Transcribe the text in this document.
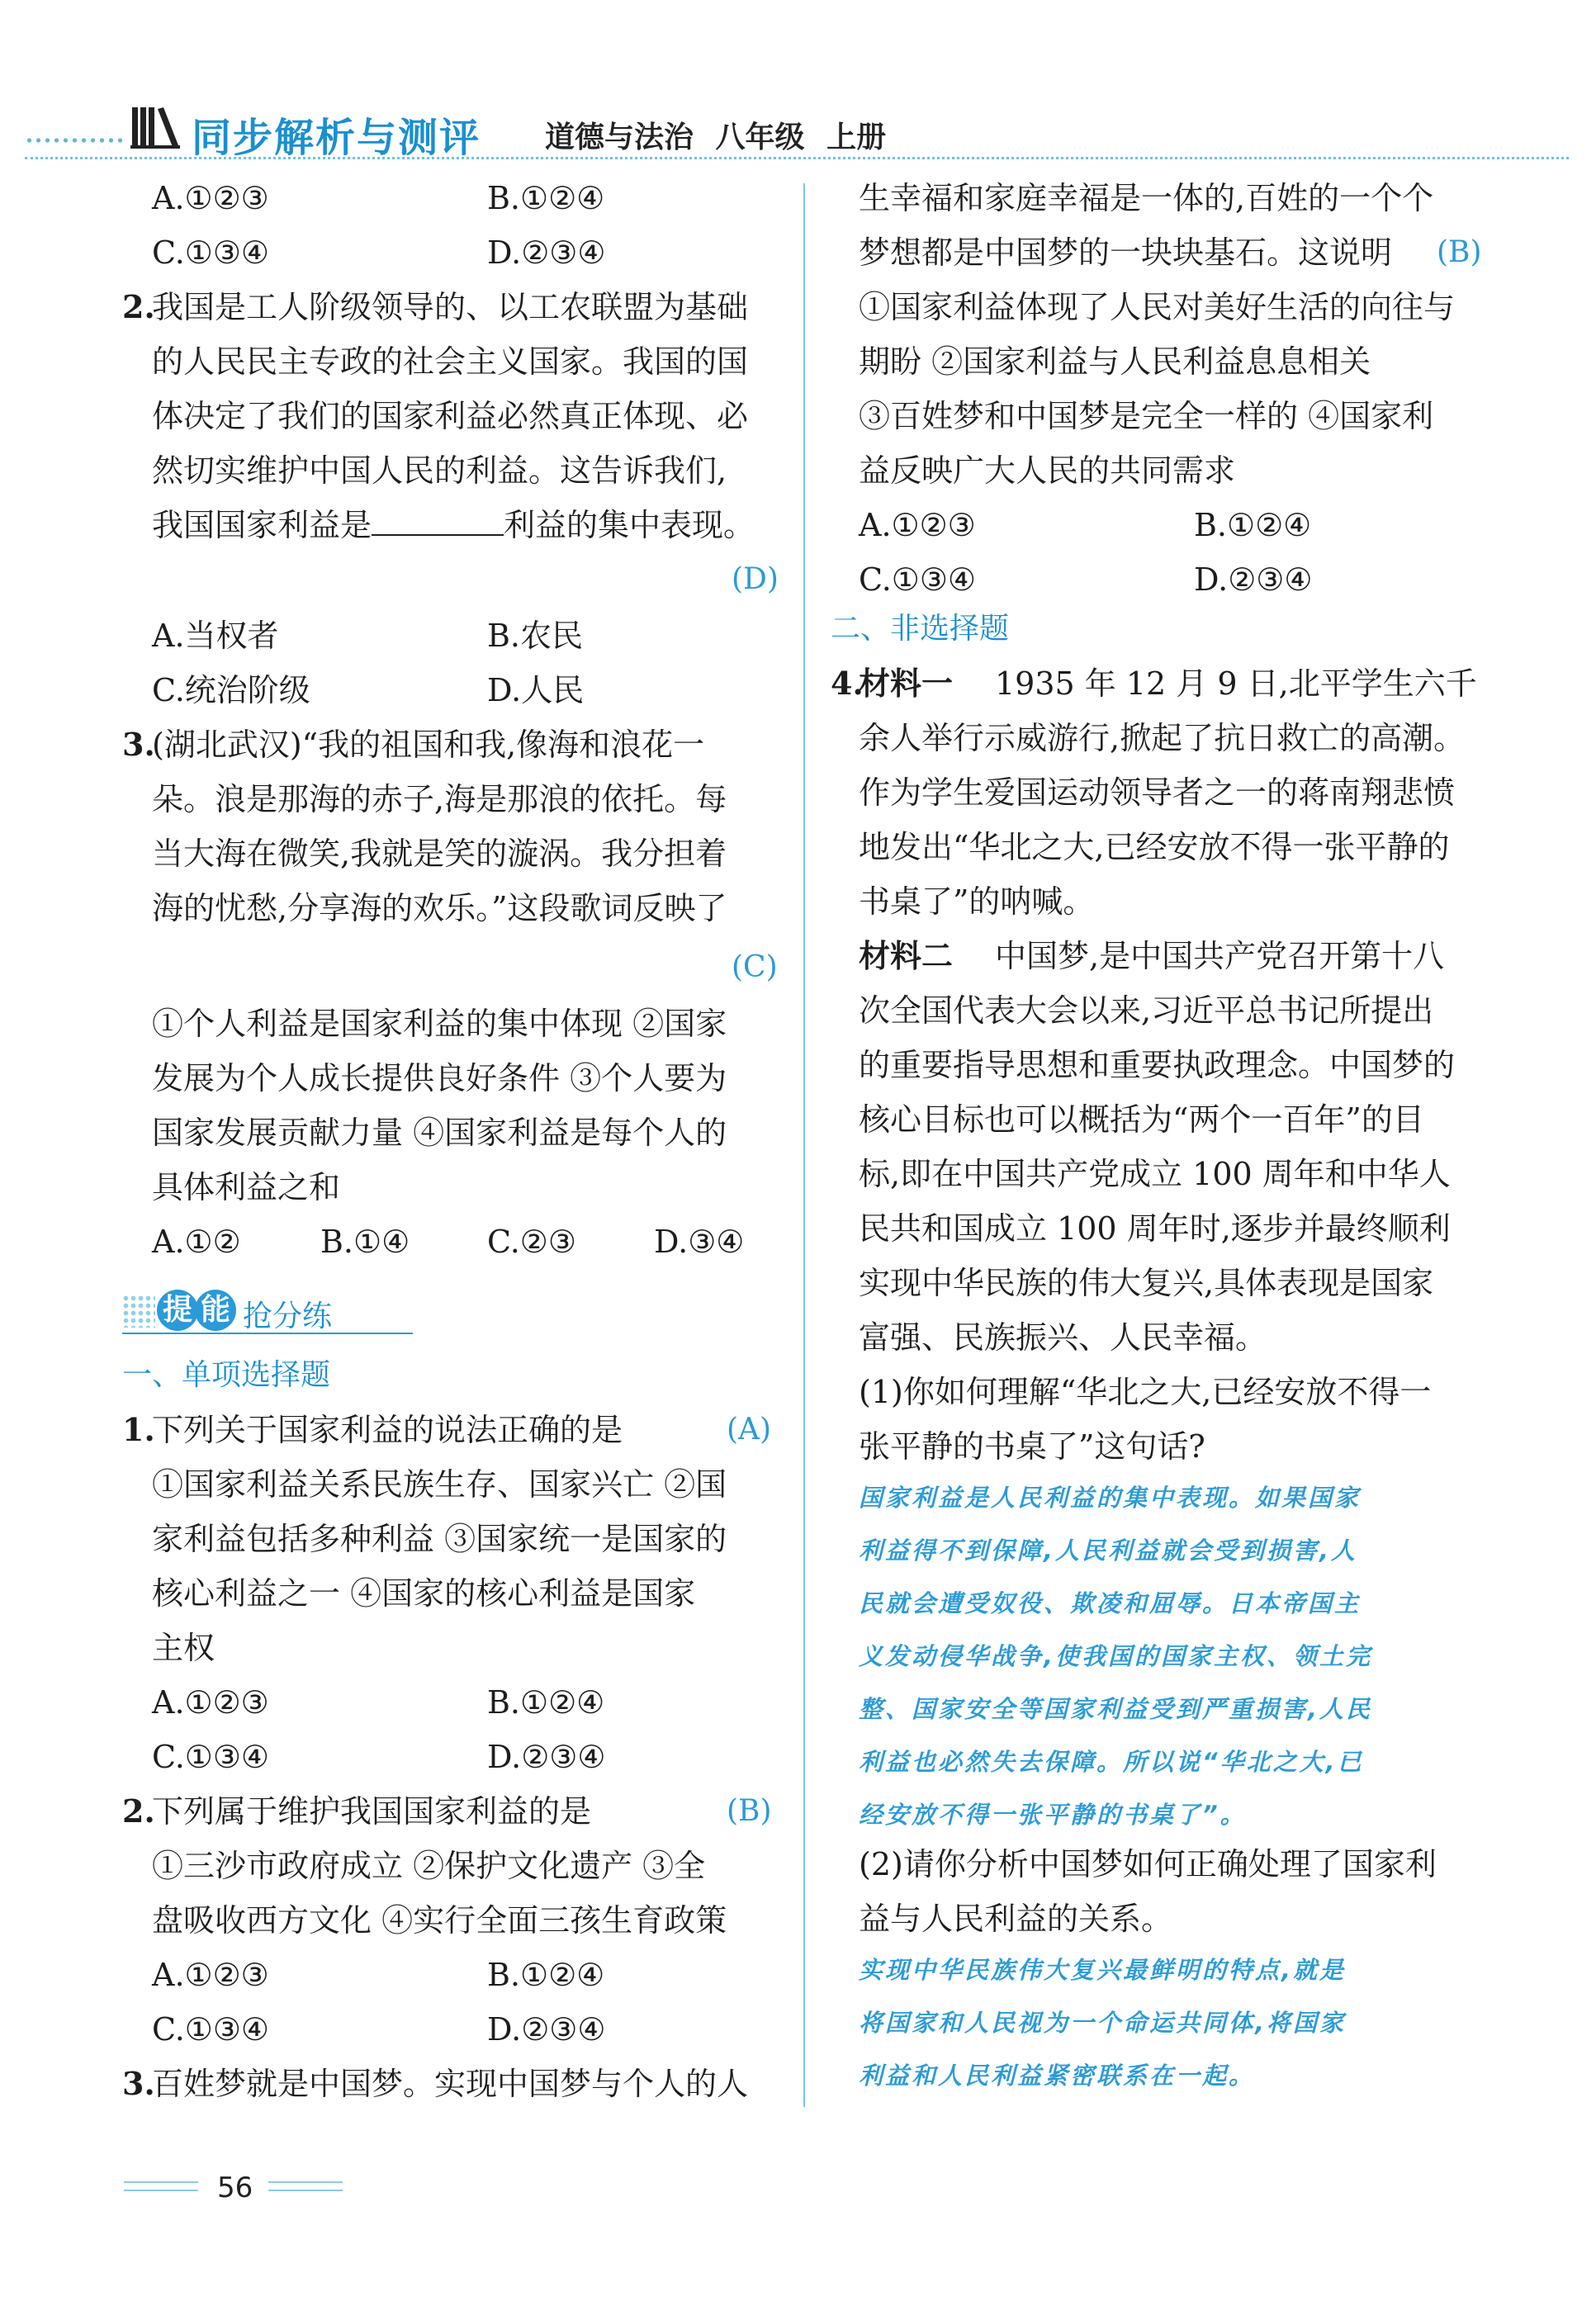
同步解析与测评 道德与法治 八年级 上册
A.①②③	B.①②④
C.①③④	D.②③④
2.
我国是工人阶级领导的、以工农联盟为基础
的人民民主专政的社会主义国家。我国的国
体决定了我们的国家利益必然真正体现、必
然切实维护中国人民的利益。这告诉我们,
我国国家利益是	利益的集中表现。
(D)
A.当权者	B.农民
C.统治阶级	D.人民
3.
(湖北武汉)“我的祖国和我,像海和浪花一
朵。浪是那海的赤子,海是那浪的依托。每
当大海在微笑,我就是笑的漩涡。我分担着
海的忧愁,分享海的欢乐。”这段歌词反映了
(C)
①个人利益是国家利益的集中体现 ②国家
发展为个人成长提供良好条件 ③个人要为
国家发展贡献力量 ④国家利益是每个人的
具体利益之和
A.①②	B.①④ C.②③ D.③④
提 能 抢分练
一、单项选择题
1.
下列关于国家利益的说法正确的是	(A)
①国家利益关系民族生存、国家兴亡 ②国
家利益包括多种利益 ③国家统一是国家的
核心利益之一 ④国家的核心利益是国家
主权
A.①②③	B.①②④
C.①③④	D.②③④
2.
下列属于维护我国国家利益的是	(B)
①三沙市政府成立 ②保护文化遗产 ③全
盘吸收西方文化 ④实行全面三孩生育政策
A.①②③	B.①②④
C.①③④	D.②③④
3.
百姓梦就是中国梦。实现中国梦与个人的人
生幸福和家庭幸福是一体的,百姓的一个个
梦想都是中国梦的一块块基石。这说明 (B)
①国家利益体现了人民对美好生活的向往与
期盼 ②国家利益与人民利益息息相关
③百姓梦和中国梦是完全一样的 ④国家利
益反映广大人民的共同需求
A.①②③	B.①②④
C.①③④	D.②③④
二、非选择题
4.
材料一 1935 年 12 月 9 日,北平学生六千
余人举行示威游行,掀起了抗日救亡的高潮。
作为学生爱国运动领导者之一的蒋南翔悲愤
地发出“华北之大,已经安放不得一张平静的
书桌了”的呐喊。
材料二 中国梦,是中国共产党召开第十八
次全国代表大会以来,习近平总书记所提出
的重要指导思想和重要执政理念。中国梦的
核心目标也可以概括为“两个一百年”的目
标,即在中国共产党成立 100 周年和中华人
民共和国成立 100 周年时,逐步并最终顺利
实现中华民族的伟大复兴,具体表现是国家
富强、民族振兴、人民幸福。
(1)你如何理解“华北之大,已经安放不得一
张平静的书桌了”这句话?
国家利益是人民利益的集中表现。如果国家
利益得不到保障,人民利益就会受到损害,人
民就会遭受奴役、欺凌和屈辱。日本帝国主
义发动侵华战争,使我国的国家主权、领土完
整、国家安全等国家利益受到严重损害,人民
利益也必然失去保障。所以说“华北之大,已
经安放不得一张平静的书桌了”。
(2)请你分析中国梦如何正确处理了国家利
益与人民利益的关系。
实现中华民族伟大复兴最鲜明的特点,就是
将国家和人民视为一个命运共同体,将国家
利益和人民利益紧密联系在一起。
56
